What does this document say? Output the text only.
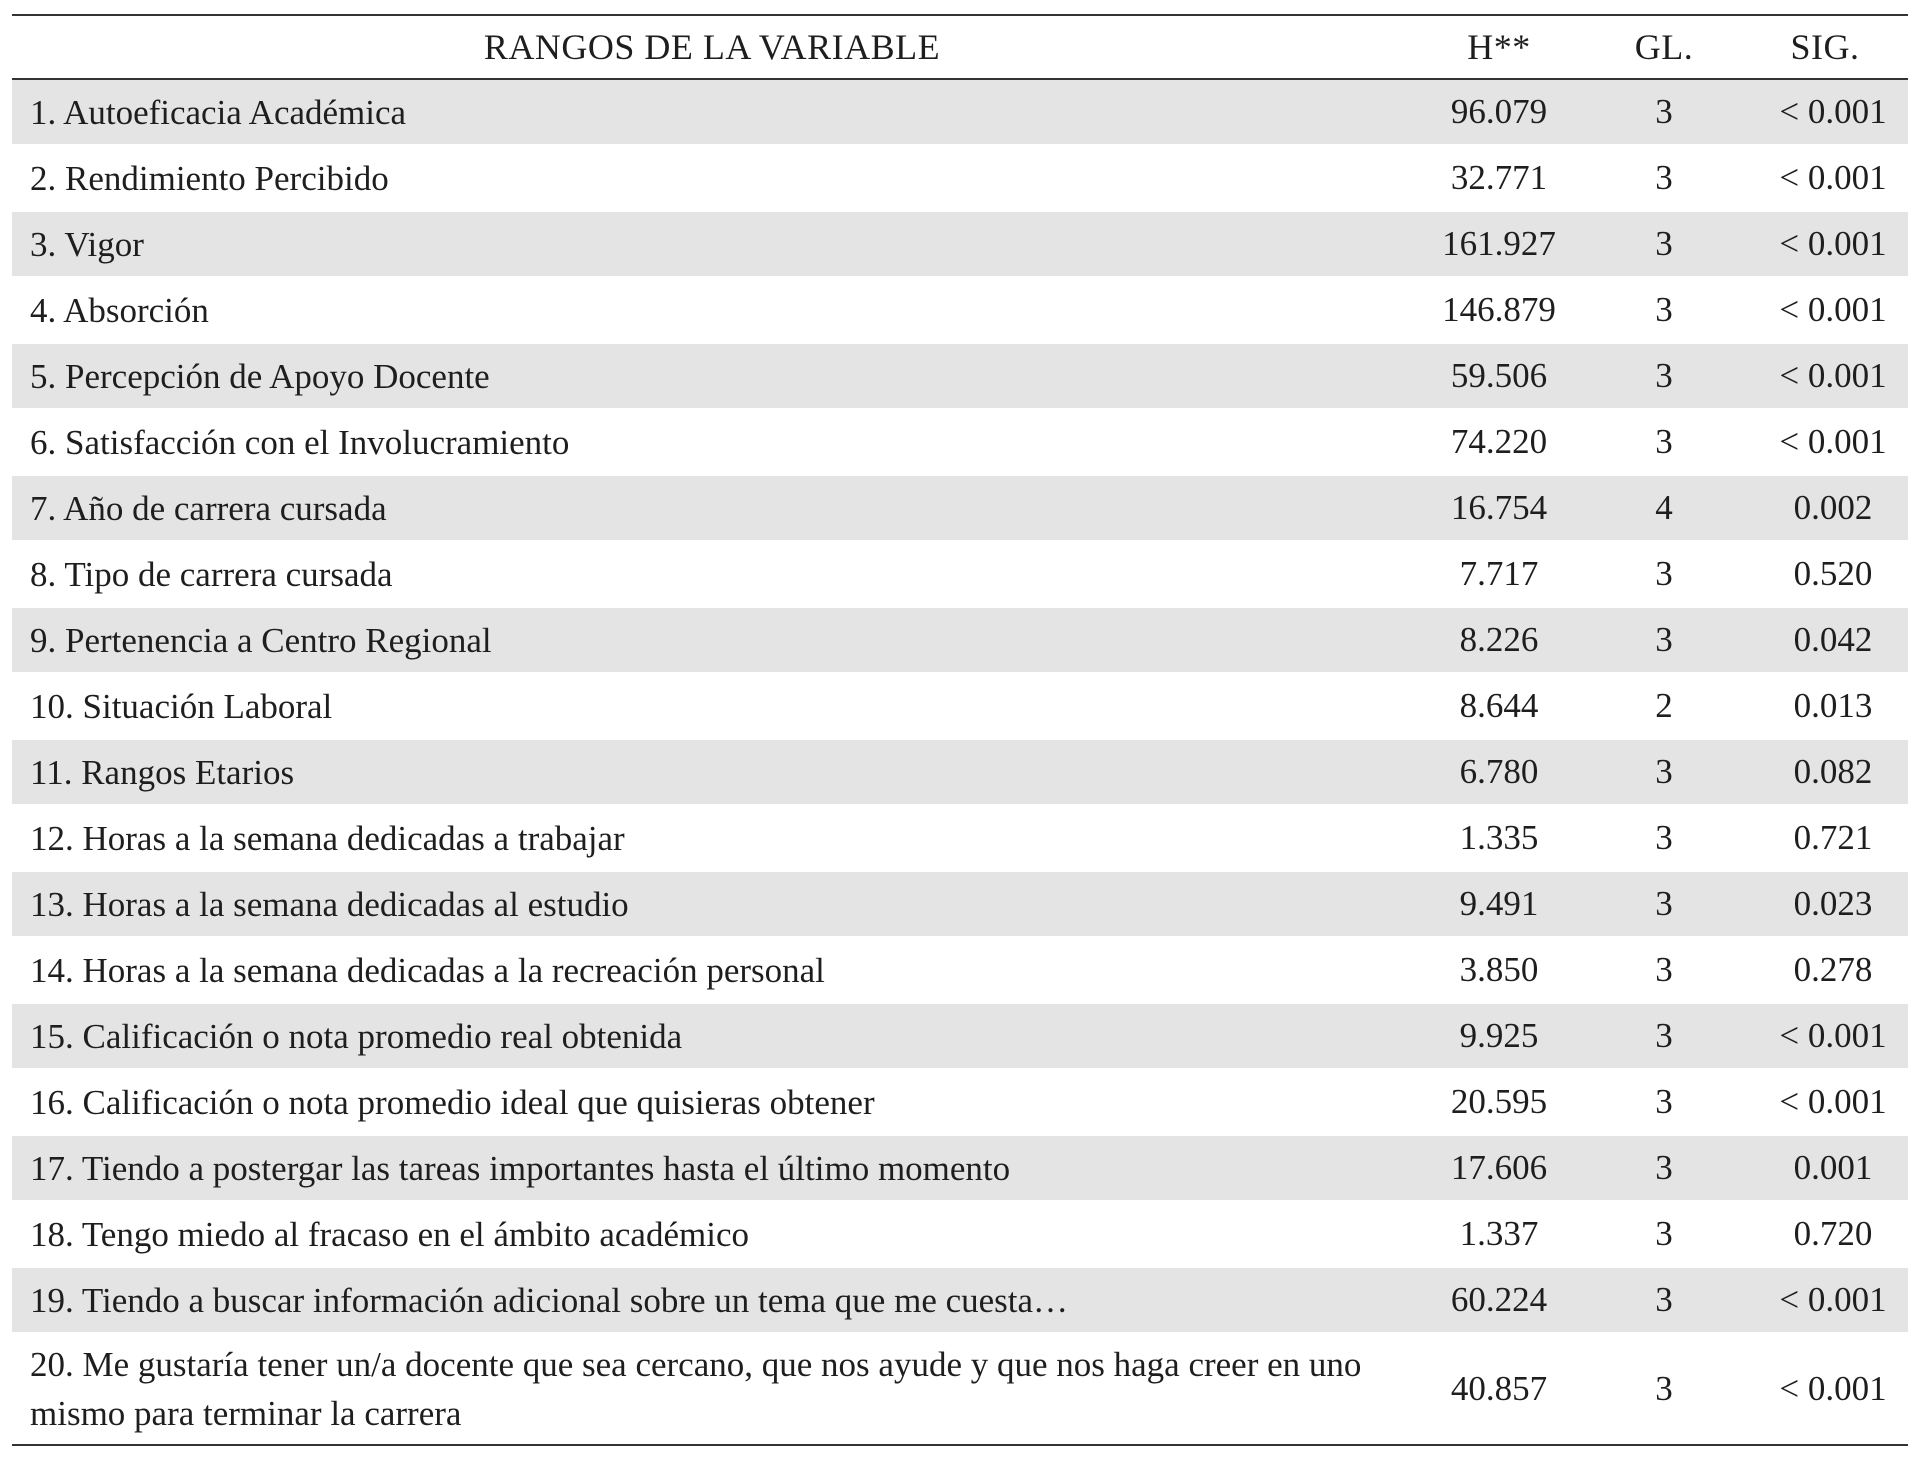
RANGOS DE LA VARIABLE	H**	GL.	SIG.
1. Autoeficacia Académica	96.079	3	< 0.001
2. Rendimiento Percibido	32.771	3	< 0.001
3. Vigor	161.927	3	< 0.001
4. Absorción	146.879	3	< 0.001
5. Percepción de Apoyo Docente	59.506	3	< 0.001
6. Satisfacción con el Involucramiento	74.220	3	< 0.001
7. Año de carrera cursada	16.754	4	0.002
8. Tipo de carrera cursada	7.717	3	0.520
9. Pertenencia a Centro Regional	8.226	3	0.042
10. Situación Laboral	8.644	2	0.013
11. Rangos Etarios	6.780	3	0.082
12. Horas a la semana dedicadas a trabajar	1.335	3	0.721
13. Horas a la semana dedicadas al estudio	9.491	3	0.023
14. Horas a la semana dedicadas a la recreación personal	3.850	3	0.278
15. Calificación o nota promedio real obtenida	9.925	3	< 0.001
16. Calificación o nota promedio ideal que quisieras obtener	20.595	3	< 0.001
17. Tiendo a postergar las tareas importantes hasta el último momento	17.606	3	0.001
18. Tengo miedo al fracaso en el ámbito académico	1.337	3	0.720
19. Tiendo a buscar información adicional sobre un tema que me cuesta…	60.224	3	< 0.001
20. Me gustaría tener un/a docente que sea cercano, que nos ayude y que nos haga creer en uno mismo para terminar la carrera	40.857	3	< 0.001
